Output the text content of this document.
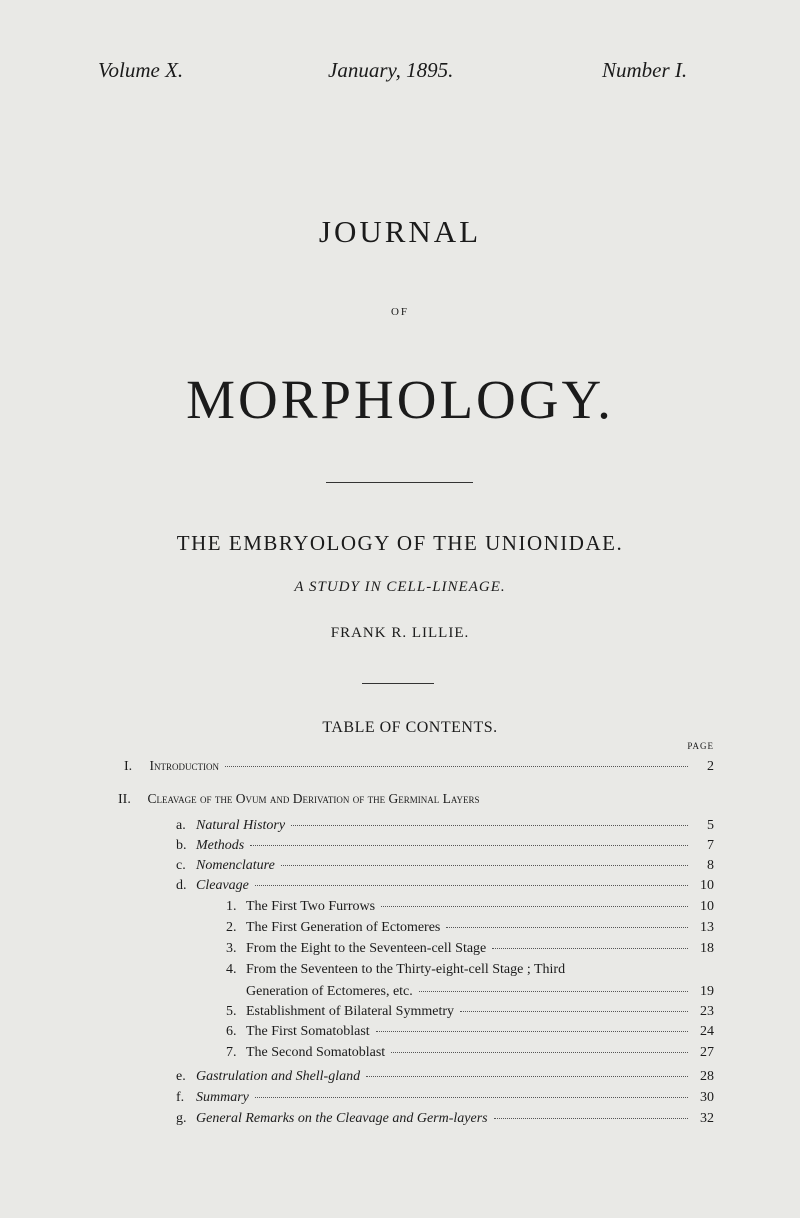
Volume X.	January, 1895.	Number I.
JOURNAL
OF
MORPHOLOGY.
THE EMBRYOLOGY OF THE UNIONIDAE.
A STUDY IN CELL-LINEAGE.
FRANK R. LILLIE.
TABLE OF CONTENTS.
PAGE
I. Introduction	2
II. Cleavage of the Ovum and Derivation of the Germinal Layers
a. Natural History	5
b. Methods	7
c. Nomenclature	8
d. Cleavage	10
1. The First Two Furrows	10
2. The First Generation of Ectomeres	13
3. From the Eight to the Seventeen-cell Stage	18
4. From the Seventeen to the Thirty-eight-cell Stage ; Third
Generation of Ectomeres, etc.	19
5. Establishment of Bilateral Symmetry	23
6. The First Somatoblast	24
7. The Second Somatoblast	27
e. Gastrulation and Shell-gland	28
f. Summary	30
g. General Remarks on the Cleavage and Germ-layers	32
